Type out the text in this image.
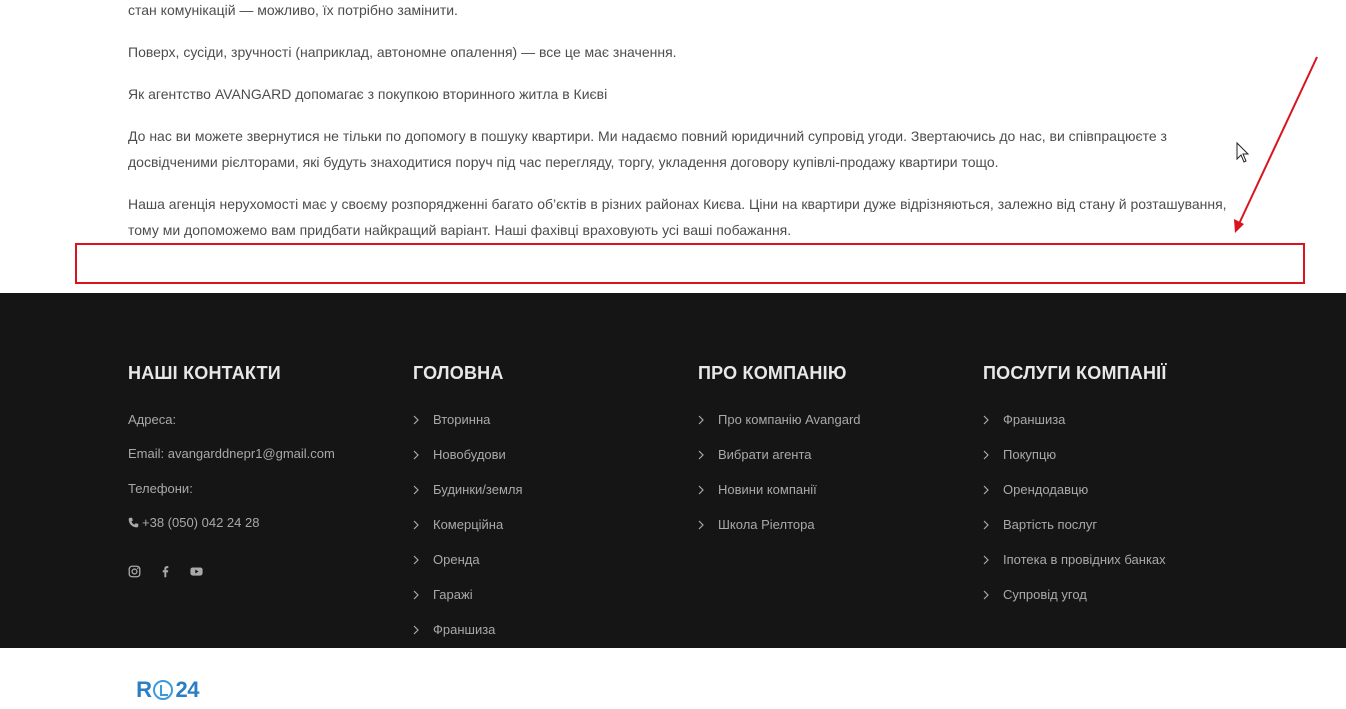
стан комунікацій — можливо, їх потрібно замінити.

Поверх, сусіди, зручності (наприклад, автономне опалення) — все це має значення.

Як агентство AVANGARD допомагає з покупкою вторинного житла в Києві

До нас ви можете звернутися не тільки по допомогу в пошуку квартири. Ми надаємо повний юридичний супровід угоди. Звертаючись до нас, ви співпрацюєте з досвідченими рієлторами, які будуть знаходитися поруч під час перегляду, торгу, укладення договору купівлі-продажу квартири тощо.

Наша агенція нерухомості має у своєму розпорядженні багато об’єктів в різних районах Києва. Ціни на квартири дуже відрізняються, залежно від стану й розташування, тому ми допоможемо вам придбати найкращий варіант. Наші фахівці враховують усі ваші побажання.

НАШІ КОНТАКТИ
Адреса:
Email: avangarddnepr1@gmail.com
Телефони:
+38 (050) 042 24 28
R 24
ГОЛОВНА
Вторинна
Новобудови
Будинки/земля
Комерційна
Оренда
Гаражі
Франшиза
ПРО КОМПАНІЮ
Про компанію Avangard
Вибрати агента
Новини компанії
Школа Ріелтора
ПОСЛУГИ КОМПАНІЇ
Франшиза
Покупцю
Орендодавцю
Вартість послуг
Іпотека в провідних банках
Супровід угод
